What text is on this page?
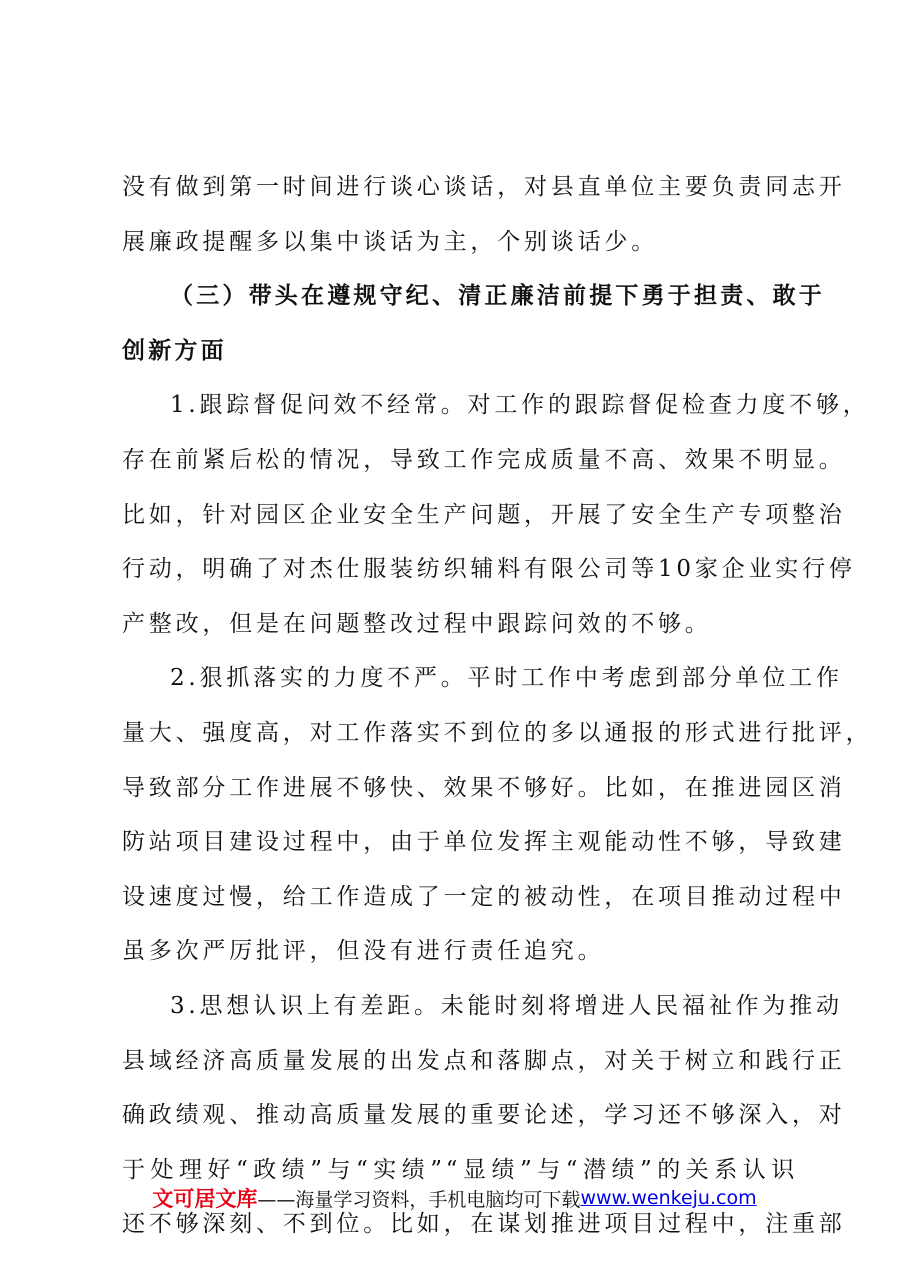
没有做到第一时间进行谈心谈话，对县直单位主要负责同志开
展廉政提醒多以集中谈话为主，个别谈话少。
（三）带头在遵规守纪、清正廉洁前提下勇于担责、敢于
创新方面
1.跟踪督促问效不经常。对工作的跟踪督促检查力度不够，
存在前紧后松的情况，导致工作完成质量不高、效果不明显。
比如，针对园区企业安全生产问题，开展了安全生产专项整治
行动，明确了对杰仕服装纺织辅料有限公司等10家企业实行停
产整改，但是在问题整改过程中跟踪问效的不够。
2.狠抓落实的力度不严。平时工作中考虑到部分单位工作
量大、强度高，对工作落实不到位的多以通报的形式进行批评，
导致部分工作进展不够快、效果不够好。比如，在推进园区消
防站项目建设过程中，由于单位发挥主观能动性不够，导致建
设速度过慢，给工作造成了一定的被动性，在项目推动过程中
虽多次严厉批评，但没有进行责任追究。
3.思想认识上有差距。未能时刻将增进人民福祉作为推动
县域经济高质量发展的出发点和落脚点，对关于树立和践行正
确政绩观、推动高质量发展的重要论述，学习还不够深入，对
于处理好“政绩”与“实绩”“显绩”与“潜绩”的关系认识
还不够深刻、不到位。比如，在谋划推进项目过程中，注重部
文可居文库 ——海量学习资料，手机电脑均可下载 www.wenkeju.com
